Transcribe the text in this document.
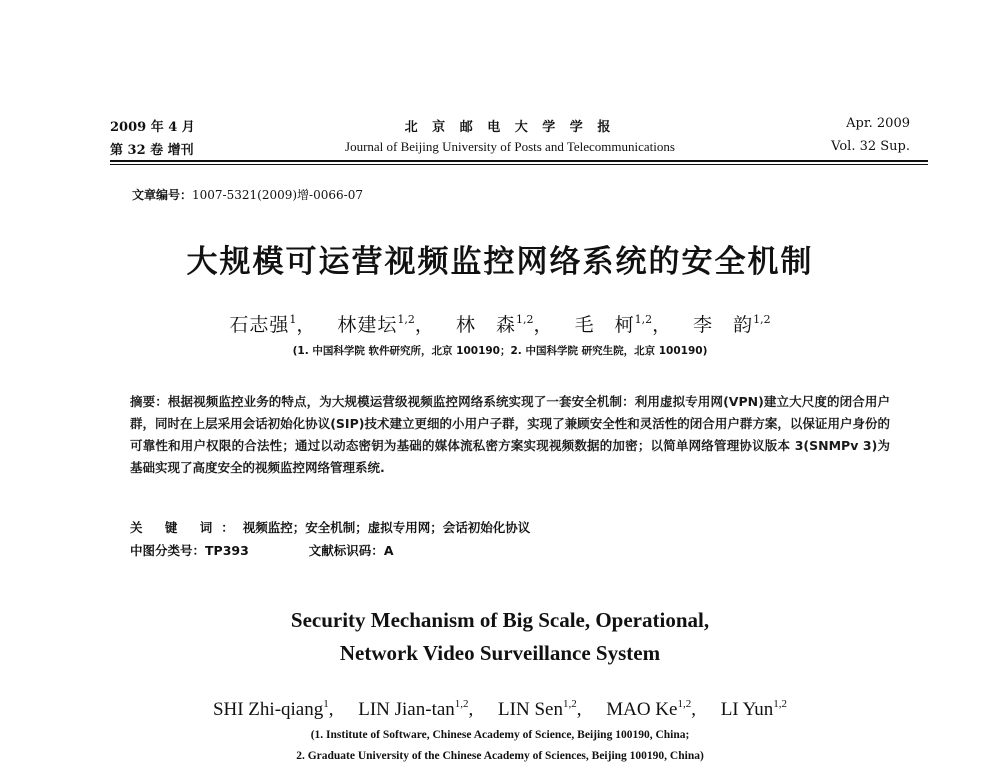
2009 年 4 月	北 京 邮 电 大 学 学 报	Apr. 2009
第 32 卷 增刊	Journal of Beijing University of Posts and Telecommunications	Vol. 32 Sup.
文章编号：1007-5321(2009)增-0066-07
大规模可运营视频监控网络系统的安全机制
石志强$^1$， 林建坛$^{1,2}$， 林　森$^{1,2}$， 毛　柯$^{1,2}$， 李　韵$^{1,2}$
(1. 中国科学院 软件研究所，北京 100190；2. 中国科学院 研究生院，北京 100190)
摘要：根据视频监控业务的特点，为大规模运营级视频监控网络系统实现了一套安全机制：利用虚拟专用网(VPN)建立大尺度的闭合用户群，同时在上层采用会话初始化协议(SIP)技术建立更细的小用户子群，实现了兼顾安全性和灵活性的闭合用户群方案，以保证用户身份的可靠性和用户权限的合法性；通过以动态密钥为基础的媒体流私密方案实现视频数据的加密；以简单网络管理协议版本 3(SNMPv 3)为基础实现了高度安全的视频监控网络管理系统.
关 键 词：视频监控；安全机制；虚拟专用网；会话初始化协议
中图分类号：TP393	文献标识码：A
Security Mechanism of Big Scale, Operational,
Network Video Surveillance System
SHI Zhi-qiang$^1$, LIN Jian-$\tan^{1,2}$, LIN Sen$^{1,2}$, MAO Ke$^{1,2}$, LI Yun$^{1,2}$
(1. Institute of Software, Chinese Academy of Science, Beijing 100190, China;
2. Graduate University of the Chinese Academy of Sciences, Beijing 100190, China)
